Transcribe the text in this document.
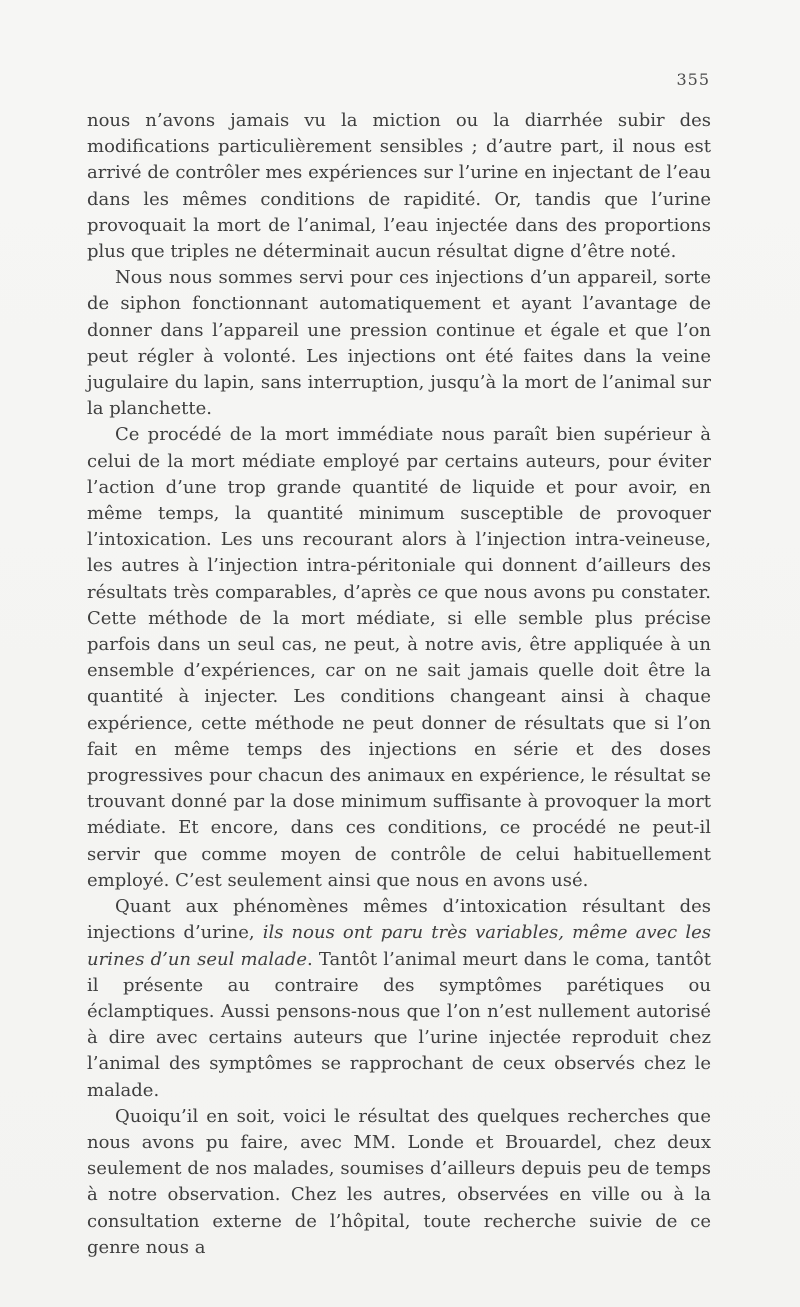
355

nous n’avons jamais vu la miction ou la diarrhée subir des modifications particulièrement sensibles ; d’autre part, il nous est arrivé de contrôler mes expériences sur l’urine en injectant de l’eau dans les mêmes conditions de rapidité. Or, tandis que l’urine provoquait la mort de l’animal, l’eau injectée dans des proportions plus que triples ne déterminait aucun résultat digne d’être noté.

Nous nous sommes servi pour ces injections d’un appareil, sorte de siphon fonctionnant automatiquement et ayant l’avantage de donner dans l’appareil une pression continue et égale et que l’on peut régler à volonté. Les injections ont été faites dans la veine jugulaire du lapin, sans interruption, jusqu’à la mort de l’animal sur la planchette.

Ce procédé de la mort immédiate nous paraît bien supérieur à celui de la mort médiate employé par certains auteurs, pour éviter l’action d’une trop grande quantité de liquide et pour avoir, en même temps, la quantité minimum susceptible de provoquer l’intoxication. Les uns recourant alors à l’injection intra-veineuse, les autres à l’injection intra-péritoniale qui donnent d’ailleurs des résultats très comparables, d’après ce que nous avons pu constater. Cette méthode de la mort médiate, si elle semble plus précise parfois dans un seul cas, ne peut, à notre avis, être appliquée à un ensemble d’expériences, car on ne sait jamais quelle doit être la quantité à injecter. Les conditions changeant ainsi à chaque expérience, cette méthode ne peut donner de résultats que si l’on fait en même temps des injections en série et des doses progressives pour chacun des animaux en expérience, le résultat se trouvant donné par la dose minimum suffisante à provoquer la mort médiate. Et encore, dans ces conditions, ce procédé ne peut-il servir que comme moyen de contrôle de celui habituellement employé. C’est seulement ainsi que nous en avons usé.

Quant aux phénomènes mêmes d’intoxication résultant des injections d’urine, ils nous ont paru très variables, même avec les urines d’un seul malade. Tantôt l’animal meurt dans le coma, tantôt il présente au contraire des symptômes parétiques ou éclamptiques. Aussi pensons-nous que l’on n’est nullement autorisé à dire avec certains auteurs que l’urine injectée reproduit chez l’animal des symptômes se rapprochant de ceux observés chez le malade.

Quoiqu’il en soit, voici le résultat des quelques recherches que nous avons pu faire, avec MM. Londe et Brouardel, chez deux seulement de nos malades, soumises d’ailleurs depuis peu de temps à notre observation. Chez les autres, observées en ville ou à la consultation externe de l’hôpital, toute recherche suivie de ce genre nous a
